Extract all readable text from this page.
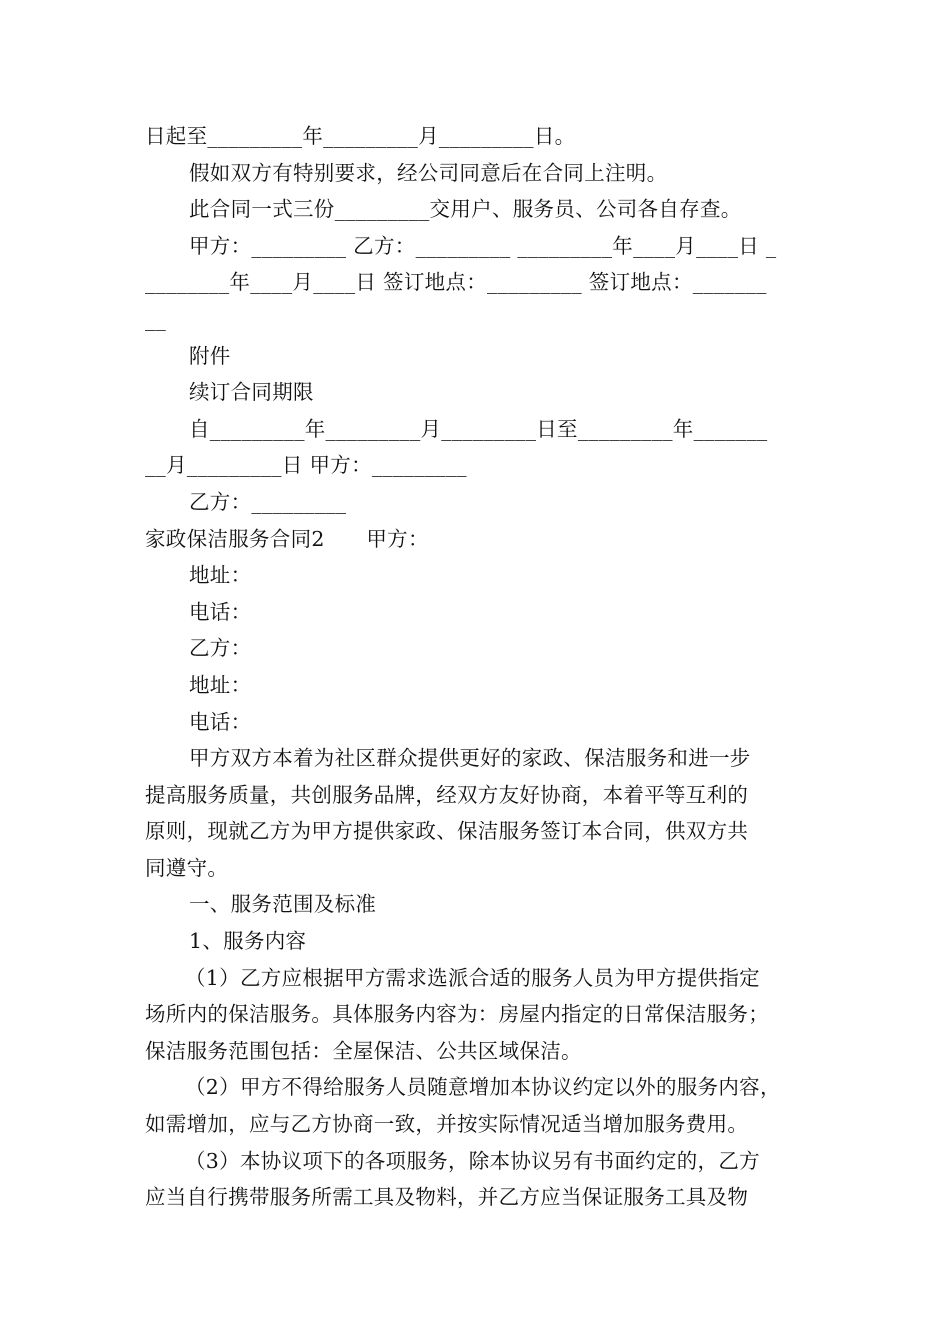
日起至_________年_________月_________日。
假如双方有特别要求，经公司同意后在合同上注明。
此合同一式三份_________交用户、服务员、公司各自存查。
甲方：_________ 乙方：_________ _________年____月____日 _
________年____月____日 签订地点：_________ 签订地点：_______
__
附件
续订合同期限
自_________年_________月_________日至_________年_______
__月_________日 甲方：_________
乙方：_________
家政保洁服务合同2　　甲方：
地址：
电话：
乙方：
地址：
电话：
甲方双方本着为社区群众提供更好的家政、保洁服务和进一步
提高服务质量，共创服务品牌，经双方友好协商，本着平等互利的
原则，现就乙方为甲方提供家政、保洁服务签订本合同，供双方共
同遵守。
一、服务范围及标准
1、服务内容
（1）乙方应根据甲方需求选派合适的服务人员为甲方提供指定
场所内的保洁服务。具体服务内容为：房屋内指定的日常保洁服务；
保洁服务范围包括：全屋保洁、公共区域保洁。
（2）甲方不得给服务人员随意增加本协议约定以外的服务内容，
如需增加，应与乙方协商一致，并按实际情况适当增加服务费用。
（3）本协议项下的各项服务，除本协议另有书面约定的，乙方
应当自行携带服务所需工具及物料，并乙方应当保证服务工具及物
